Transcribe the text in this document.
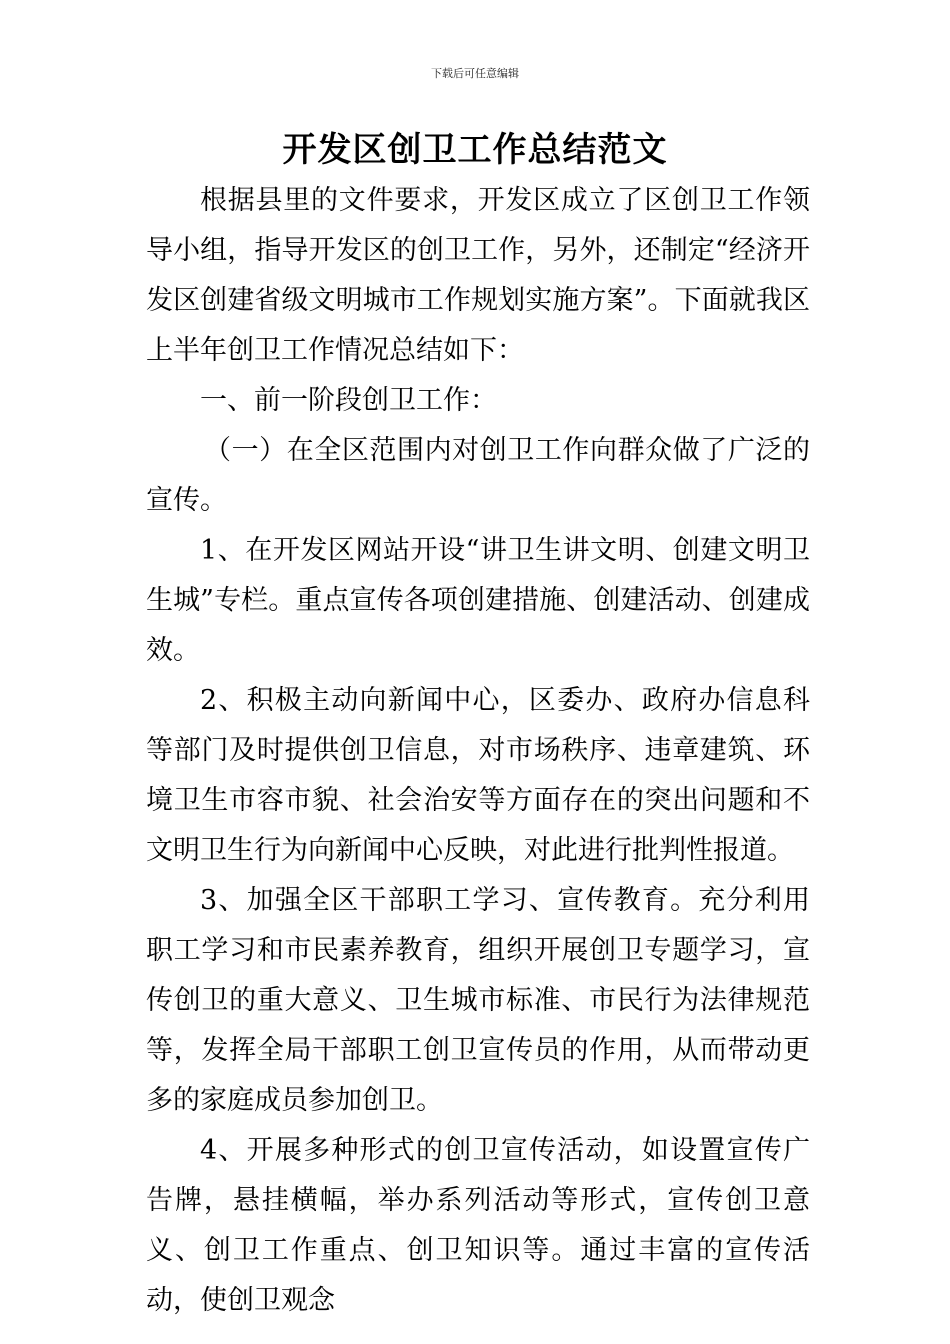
下载后可任意编辑
开发区创卫工作总结范文

根据县里的文件要求，开发区成立了区创卫工作领导小组，指导开发区的创卫工作，另外，还制定“经济开发区创建省级文明城市工作规划实施方案”。下面就我区上半年创卫工作情况总结如下：

一、前一阶段创卫工作：

（一）在全区范围内对创卫工作向群众做了广泛的宣传。

1、在开发区网站开设“讲卫生讲文明、创建文明卫生城”专栏。重点宣传各项创建措施、创建活动、创建成效。

2、积极主动向新闻中心，区委办、政府办信息科等部门及时提供创卫信息，对市场秩序、违章建筑、环境卫生市容市貌、社会治安等方面存在的突出问题和不文明卫生行为向新闻中心反映，对此进行批判性报道。

3、加强全区干部职工学习、宣传教育。充分利用职工学习和市民素养教育，组织开展创卫专题学习，宣传创卫的重大意义、卫生城市标准、市民行为法律规范等，发挥全局干部职工创卫宣传员的作用，从而带动更多的家庭成员参加创卫。

4、开展多种形式的创卫宣传活动，如设置宣传广告牌，悬挂横幅，举办系列活动等形式，宣传创卫意义、创卫工作重点、创卫知识等。通过丰富的宣传活动，使创卫观念
